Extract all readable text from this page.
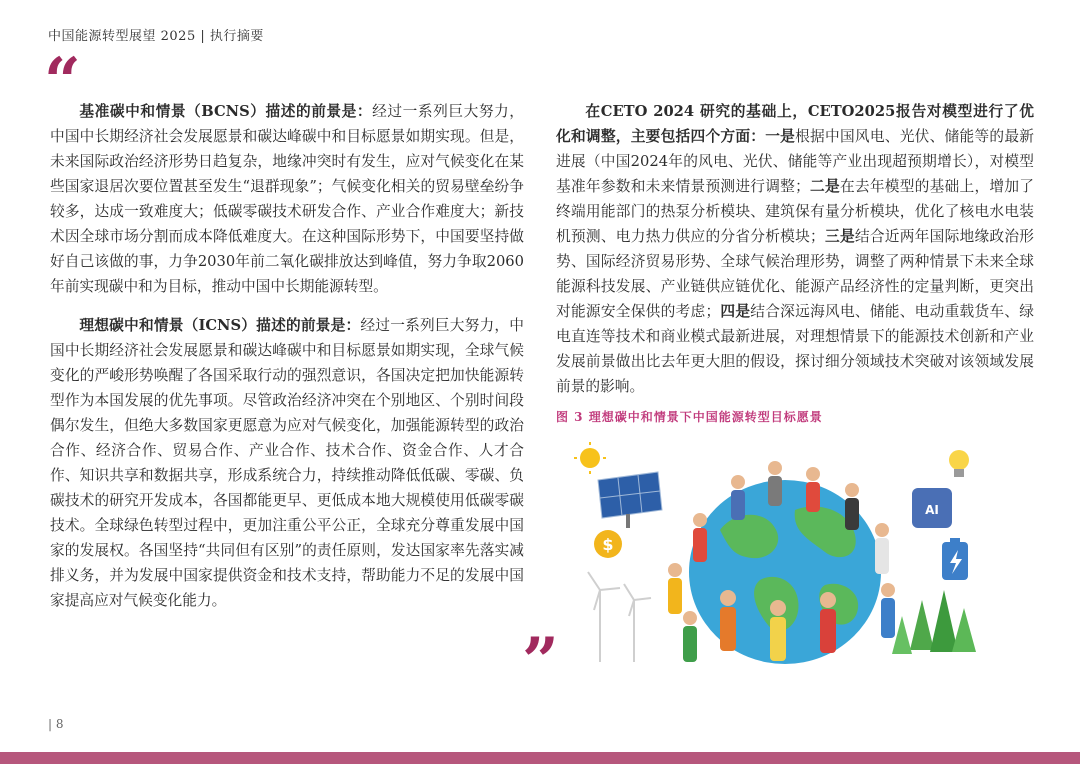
中国能源转型展望 2025 | 执行摘要
“

基准碳中和情景（BCNS）描述的前景是：经过一系列巨大努力，中国中长期经济社会发展愿景和碳达峰碳中和目标愿景如期实现。但是，未来国际政治经济形势日趋复杂，地缘冲突时有发生，应对气候变化在某些国家退居次要位置甚至发生“退群现象”；气候变化相关的贸易壁垒纷争较多，达成一致难度大；低碳零碳技术研发合作、产业合作难度大；新技术因全球市场分割而成本降低难度大。在这种国际形势下，中国要坚持做好自己该做的事，力争2030年前二氧化碳排放达到峰值，努力争取2060年前实现碳中和为目标，推动中国中长期能源转型。

理想碳中和情景（ICNS）描述的前景是：经过一系列巨大努力，中国中长期经济社会发展愿景和碳达峰碳中和目标愿景如期实现，全球气候变化的严峻形势唤醒了各国采取行动的强烈意识，各国决定把加快能源转型作为本国发展的优先事项。尽管政治经济冲突在个别地区、个别时间段偶尔发生，但绝大多数国家更愿意为应对气候变化，加强能源转型的政治合作、经济合作、贸易合作、产业合作、技术合作、资金合作、人才合作、知识共享和数据共享，形成系统合力，持续推动降低低碳、零碳、负碳技术的研究开发成本，各国都能更早、更低成本地大规模使用低碳零碳技术。全球绿色转型过程中，更加注重公平公正，全球充分尊重发展中国家的发展权。各国坚持“共同但有区别”的责任原则，发达国家率先落实减排义务，并为发展中国家提供资金和技术支持，帮助能力不足的发展中国家提高应对气候变化能力。

在CETO 2024 研究的基础上，CETO2025报告对模型进行了优化和调整，主要包括四个方面：一是根据中国风电、光伏、储能等的最新进展（中国2024年的风电、光伏、储能等产业出现超预期增长），对模型基准年参数和未来情景预测进行调整；二是在去年模型的基础上，增加了终端用能部门的热泵分析模块、建筑保有量分析模块，优化了核电水电装机预测、电力热力供应的分省分析模块；三是结合近两年国际地缘政治形势、国际经济贸易形势、全球气候治理形势，调整了两种情景下未来全球能源科技发展、产业链供应链优化、能源产品经济性的定量判断，更突出对能源安全保供的考虑；四是结合深远海风电、储能、电动重载货车、绿电直连等技术和商业模式最新进展，对理想情景下的能源技术创新和产业发展前景做出比去年更大胆的假设，探讨细分领域技术突破对该领域发展前景的影响。

图 3 理想碳中和情景下中国能源转型目标愿景
$
AI
”
| 8
